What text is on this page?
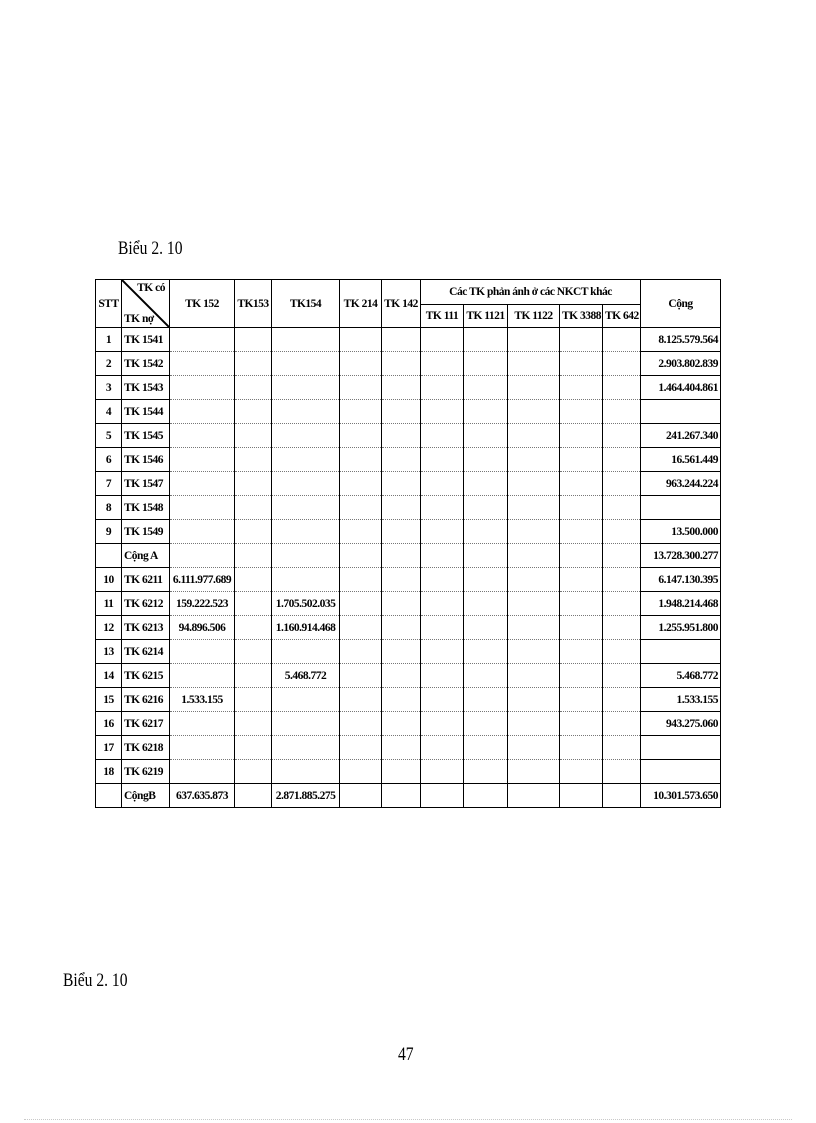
Biểu 2. 10
STT	TK có
TK nợ	TK 152	TK153	TK154	TK 214	TK 142	Các TK phản ánh ở các NKCT khác					Cộng
							TK 111	TK 1121	TK 1122	TK 3388	TK 642	
1	TK 1541											8.125.579.564
2	TK 1542											2.903.802.839
3	TK 1543											1.464.404.861
4	TK 1544											
5	TK 1545											241.267.340
6	TK 1546											16.561.449
7	TK 1547											963.244.224
8	TK 1548											
9	TK 1549											13.500.000
	Cộng A											13.728.300.277
10	TK 6211	6.111.977.689										6.147.130.395
11	TK 6212	159.222.523		1.705.502.035								1.948.214.468
12	TK 6213	94.896.506		1.160.914.468								1.255.951.800
13	TK 6214											
14	TK 6215			5.468.772								5.468.772
15	TK 6216	1.533.155										1.533.155
16	TK 6217											943.275.060
17	TK 6218											
18	TK 6219											
	CộngB	637.635.873		2.871.885.275								10.301.573.650
Biểu 2. 10
47
